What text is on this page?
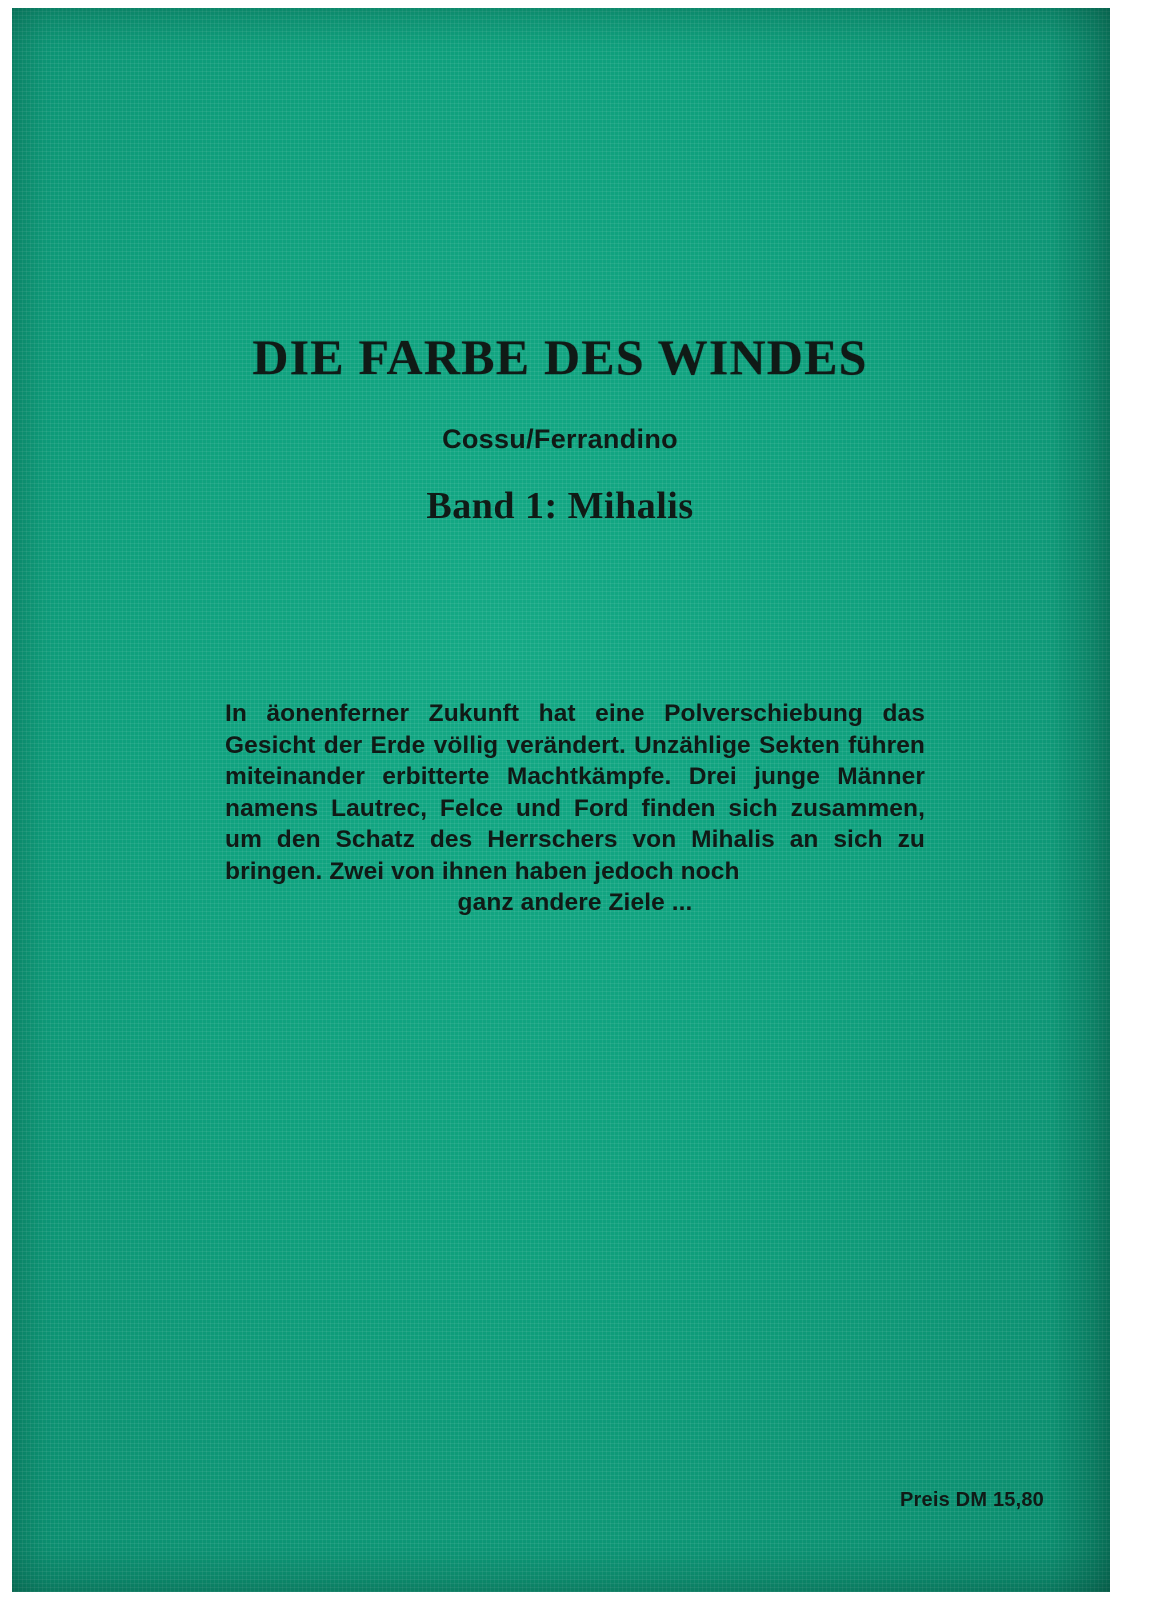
DIE FARBE DES WINDES
Cossu/Ferrandino
Band 1: Mihalis
In äonenferner Zukunft hat eine Polverschiebung das Gesicht der Erde völlig verändert. Unzählige Sekten führen miteinander erbitterte Machtkämpfe. Drei junge Männer namens Lautrec, Felce und Ford finden sich zusammen, um den Schatz des Herrschers von Mihalis an sich zu bringen. Zwei von ihnen haben jedoch noch
ganz andere Ziele ...
Preis DM 15,80
